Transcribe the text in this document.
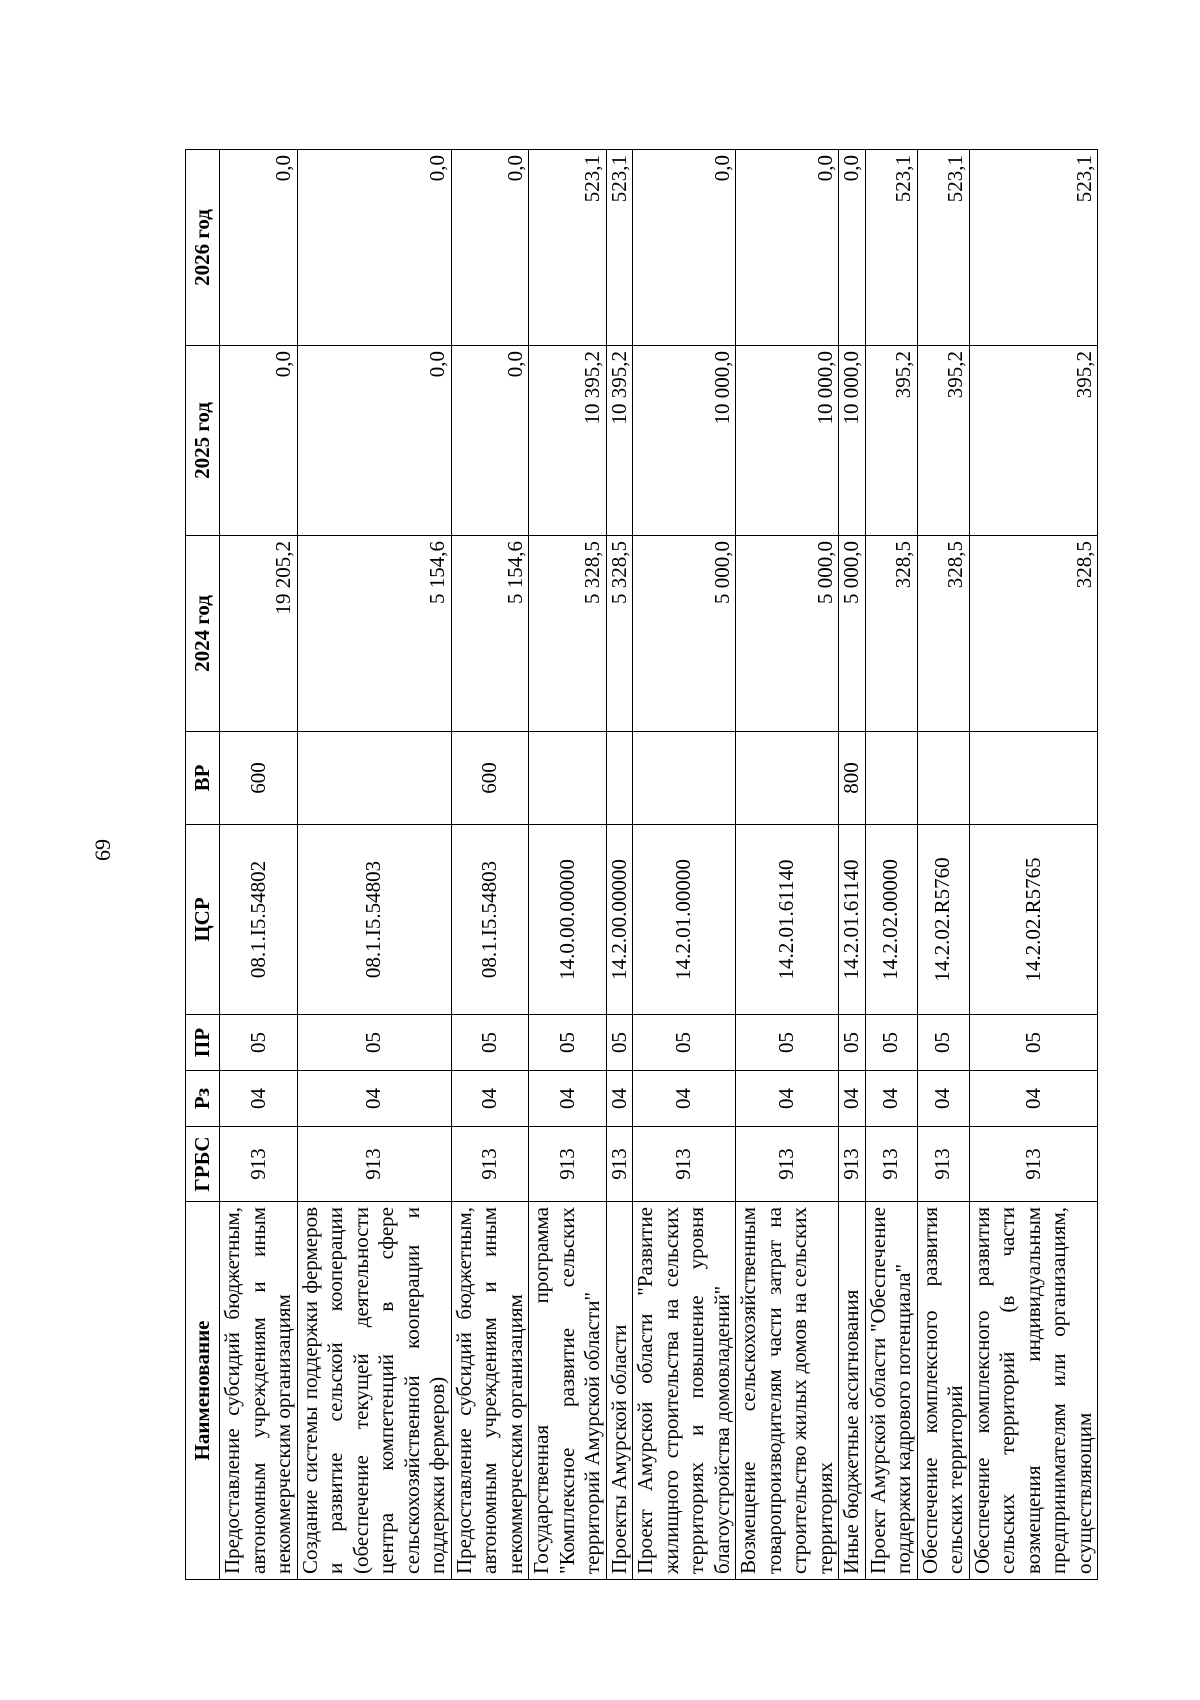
69
Наименование	ГРБС	Рз	ПР	ЦСР	ВР	2024 год	2025 год	2026 год
Предоставление субсидий бюджетным, автономным учреждениям и иным некоммерческим организациям	913	04	05	08.1.I5.54802	600	19 205,2	0,0	0,0
Создание системы поддержки фермеров и развитие сельской кооперации (обеспечение текущей деятельности центра компетенций в сфере сельскохозяйственной кооперации и поддержки фермеров)	913	04	05	08.1.I5.54803		5 154,6	0,0	0,0
Предоставление субсидий бюджетным, автономным учреждениям и иным некоммерческим организациям	913	04	05	08.1.I5.54803	600	5 154,6	0,0	0,0
Государственная программа "Комплексное развитие сельских территорий Амурской области"	913	04	05	14.0.00.00000		5 328,5	10 395,2	523,1
Проекты Амурской области	913	04	05	14.2.00.00000		5 328,5	10 395,2	523,1
Проект Амурской области "Развитие жилищного строительства на сельских территориях и повышение уровня благоустройства домовладений"	913	04	05	14.2.01.00000		5 000,0	10 000,0	0,0
Возмещение сельскохозяйственным товаропроизводителям части затрат на строительство жилых домов на сельских территориях	913	04	05	14.2.01.61140		5 000,0	10 000,0	0,0
Иные бюджетные ассигнования	913	04	05	14.2.01.61140	800	5 000,0	10 000,0	0,0
Проект Амурской области "Обеспечение поддержки кадрового потенциала"	913	04	05	14.2.02.00000		328,5	395,2	523,1
Обеспечение комплексного развития сельских территорий	913	04	05	14.2.02.R5760		328,5	395,2	523,1
Обеспечение комплексного развития сельских территорий (в части возмещения индивидуальным предпринимателям или организациям, осуществляющим	913	04	05	14.2.02.R5765		328,5	395,2	523,1
